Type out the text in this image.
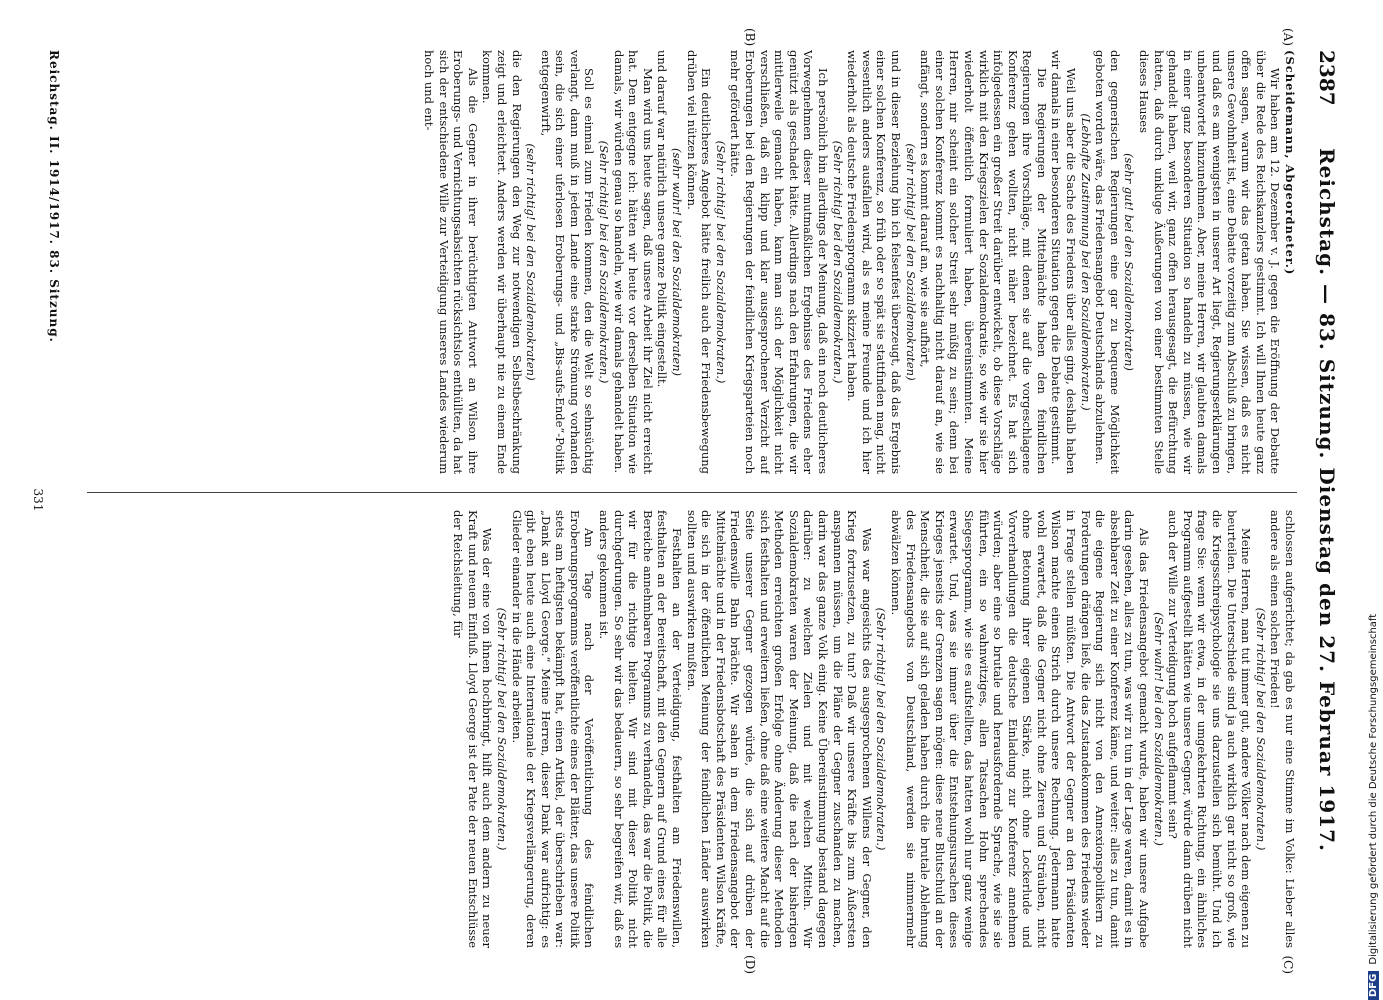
2387
Reichstag. — 83. Sitzung. Dienstag den 27. Februar 1917.
(A)
(B)
(C)
(D)

(Scheidemann, Abgeordneter.)

Wir haben am 12. Dezember v. J. gegen die Eröffnung der Debatte über die Rede des Reichskanzlers gestimmt. Ich will Ihnen heute ganz offen sagen, warum wir das getan haben. Sie wissen, daß es nicht unsere Gewohnheit ist, eine Debatte vorzeitig zum Abschluß zu bringen, und daß es am wenigsten in unserer Art liegt, Regierungserklärungen unbeantwortet hinzunehmen. Aber, meine Herren, wir glaubten damals in einer ganz besonderen Situation so handeln zu müssen, wie wir gehandelt haben, weil wir, ganz offen herausgesagt, die Befürchtung hatten, daß durch unkluge Äußerungen von einer bestimmten Stelle dieses Hauses

(sehr gut! bei den Sozialdemokraten)

den gegnerischen Regierungen eine gar zu bequeme Möglichkeit geboten worden wäre, das Friedensangebot Deutschlands abzulehnen.

(Lebhafte Zustimmung bei den Sozialdemokraten.)

Weil uns aber die Sache des Friedens über alles ging, deshalb haben wir damals in einer besonderen Situation gegen die Debatte gestimmt.

Die Regierungen der Mittelmächte haben den feindlichen Regierungen ihre Vorschläge, mit denen sie auf die vorgeschlagene Konferenz gehen wollten, nicht näher bezeichnet. Es hat sich infolgedessen ein großer Streit darüber entwickelt, ob diese Vorschläge wirklich mit den Kriegszielen der Sozialdemokratie, so wie wir sie hier wiederholt öffentlich formuliert haben, übereinstimmten. Meine Herren, mir scheint ein solcher Streit sehr müßig zu sein; denn bei einer solchen Konferenz kommt es nachhaltig nicht darauf an, wie sie anfängt, sondern es kommt darauf an, wie sie aufhört,

(sehr richtig! bei den Sozialdemokraten)

und in dieser Beziehung bin ich felsenfest überzeugt, daß das Ergebnis einer solchen Konferenz, so früh oder so spät sie stattfinden mag, nicht wesentlich anders ausfallen wird, als es meine Freunde und ich hier wiederholt als deutsche Friedensprogramm skizziert haben.

(Sehr richtig! bei den Sozialdemokraten.)

Ich persönlich bin allerdings der Meinung, daß ein noch deutlicheres Vorwegnehmen dieser mutmaßlichen Ergebnisse des Friedens eher genützt als geschadet hätte. Allerdings nach den Erfahrungen, die wir mittlerweile gemacht haben, kann man sich der Möglichkeit nicht verschließen, daß ein klipp und klar ausgesprochener Verzicht auf Eroberungen bei den Regierungen der feindlichen Kriegsparteien noch mehr gefördert hätte.

(Sehr richtig! bei den Sozialdemokraten.)

Ein deutlicheres Angebot hätte freilich auch der Friedensbewegung drüben viel nützen können.

(sehr wahr! bei den Sozialdemokraten)

und darauf war natürlich unsere ganze Politik eingestellt.

Man wird uns heute sagen, daß unsere Arbeit ihr Ziel nicht erreicht hat. Dem entgegne ich: hätten wir heute vor derselben Situation wie damals, wir würden genau so handeln, wie wir damals gehandelt haben.

(Sehr richtig! bei den Sozialdemokraten.)

Soll es einmal zum Frieden kommen, den die Welt so sehnsüchtig verlangt, dann muß in jedem Lande eine starke Strömung vorhanden sein, die sich einer uferlosen Eroberungs- und „Bis-aufs-Ende“-Politik entgegenwirft,

(sehr richtig! bei den Sozialdemokraten)

die den Regierungen den Weg zur notwendigen Selbstbeschränkung zeigt und erleichtert. Anders werden wir überhaupt nie zu einem Ende kommen.

Als die Gegner in ihrer berüchtigten Antwort an Wilson ihre Eroberungs- und Vernichtungsabsichten rücksichtslos enthüllten, da hat sich der entschiedene Wille zur Verteidigung unseres Landes wiederum hoch und ent-

schlossen aufgerichtet; da gab es nur eine Stimme im Volke: Lieber alles andere als einen solchen Frieden!

(Sehr richtig! bei den Sozialdemokraten.)

Meine Herren, man tut immer gut, andere Völker nach dem eigenen zu beurteilen. Die Unterschiede sind ja auch wirklich gar nicht so groß, wie die Kriegsschreipsychologie sie uns darzustellen sich bemüht. Und ich frage Sie: wenn wir etwa, in der umgekehrten Richtung, ein ähnliches Programm aufgestellt hätten wie unsere Gegner, würde dann drüben nicht auch der Wille zur Verteidigung hoch aufgeflammt sein?

(Sehr wahr! bei den Sozialdemokraten.)

Als das Friedensangebot gemacht wurde, haben wir unsere Aufgabe darin gesehen, alles zu tun, was wir zu tun in der Lage waren, damit es in absehbarer Zeit zu einer Konferenz käme, und weiter: alles zu tun, damit die eigene Regierung sich nicht von den Annexionspolitikern zu Forderungen drängen ließ, die das Zustandekommen des Friedens wieder in Frage stellen müßten. Die Antwort der Gegner an den Präsidenten Wilson machte einen Strich durch unsere Rechnung. Jedermann hatte wohl erwartet, daß die Gegner nicht ohne Zieren und Sträuben, nicht ohne Betonung ihrer eigenen Stärke, nicht ohne Lockerlude und Vorverhandlungen die deutsche Einladung zur Konferenz annehmen würden; aber eine so brutale und herausfordernde Sprache, wie sie sie führten, ein so wahnwitziges, allen Tatsachen Hohn sprechendes Siegesprogramm, wie sie es aufstellten, das hatten wohl nur ganz wenige erwartet. Und, was sie immer über die Entstehungsursachen dieses Krieges jenseits der Grenzen sagen mögen: diese neue Blutschuld an der Menschheit, die sie auf sich geladen haben durch die brutale Ablehnung des Friedensangebots von Deutschland, werden sie nimmermehr abwälzen können.

(Sehr richtig! bei den Sozialdemokraten.)

Was war angesichts des ausgesprochenen Willens der Gegner, den Krieg fortzusetzen, zu tun? Daß wir unsere Kräfte bis zum Äußersten anspannen müssen, um die Pläne der Gegner zuschanden zu machen, darin war das ganze Volk einig. Keine Übereinstimmung bestand dagegen darüber: zu welchen Zielen und mit welchen Mitteln. Wir Sozialdemokraten waren der Meinung, daß die nach der bisherigen Methoden erreichten großen Erfolge ohne Änderung dieser Methoden sich festhalten und erweitern ließen, ohne daß eine weitere Macht auf die Seite unserer Gegner gezogen würde, die sich auf drüben der Friedenswille Bahn brächte. Wir sahen in dem Friedensangebot der Mittelmächte und in der Friedensbotschaft des Präsidenten Wilson Kräfte, die sich in der öffentlichen Meinung der feindlichen Länder auswirken sollten und auswirken mußten.

Festhalten an der Verteidigung, festhalten am Friedenswillen, festhalten an der Bereitschaft, mit den Gegnern auf Grund eines für alle Bereiche annehmbaren Programms zu verhandeln, das war die Politik, die wir für die richtige hielten. Wir sind mit dieser Politik nicht durchgedrungen. So sehr wir das bedauern, so sehr begreifen wir, daß es anders gekommen ist.

Am Tage nach der Veröffentlichung des feindlichen Eroberungsprogramms veröffentlichte eines der Blätter, das unsere Politik stets am heftigsten bekämpft hat, einen Artikel, der überschrieben war: „Dank an Lloyd George.“ Meine Herren, dieser Dank war aufrichtig: es gibt eben heute auch eine Internationale der Kriegsverlängerung, deren Glieder einander in die Hände arbeiten.

(Sehr richtig! bei den Sozialdemokraten.)

Was der eine von ihnen hochbringt, hilft auch dem andern zu neuer Kraft und neuem Einfluß. Lloyd George ist der Pate der neuen Entschlüsse der Reichsleitung, für

Reichstag. II. 1914/1917. 83. Sitzung.
331
DFGDigitalisierung gefördert durch die Deutsche Forschungsgemeinschaft
